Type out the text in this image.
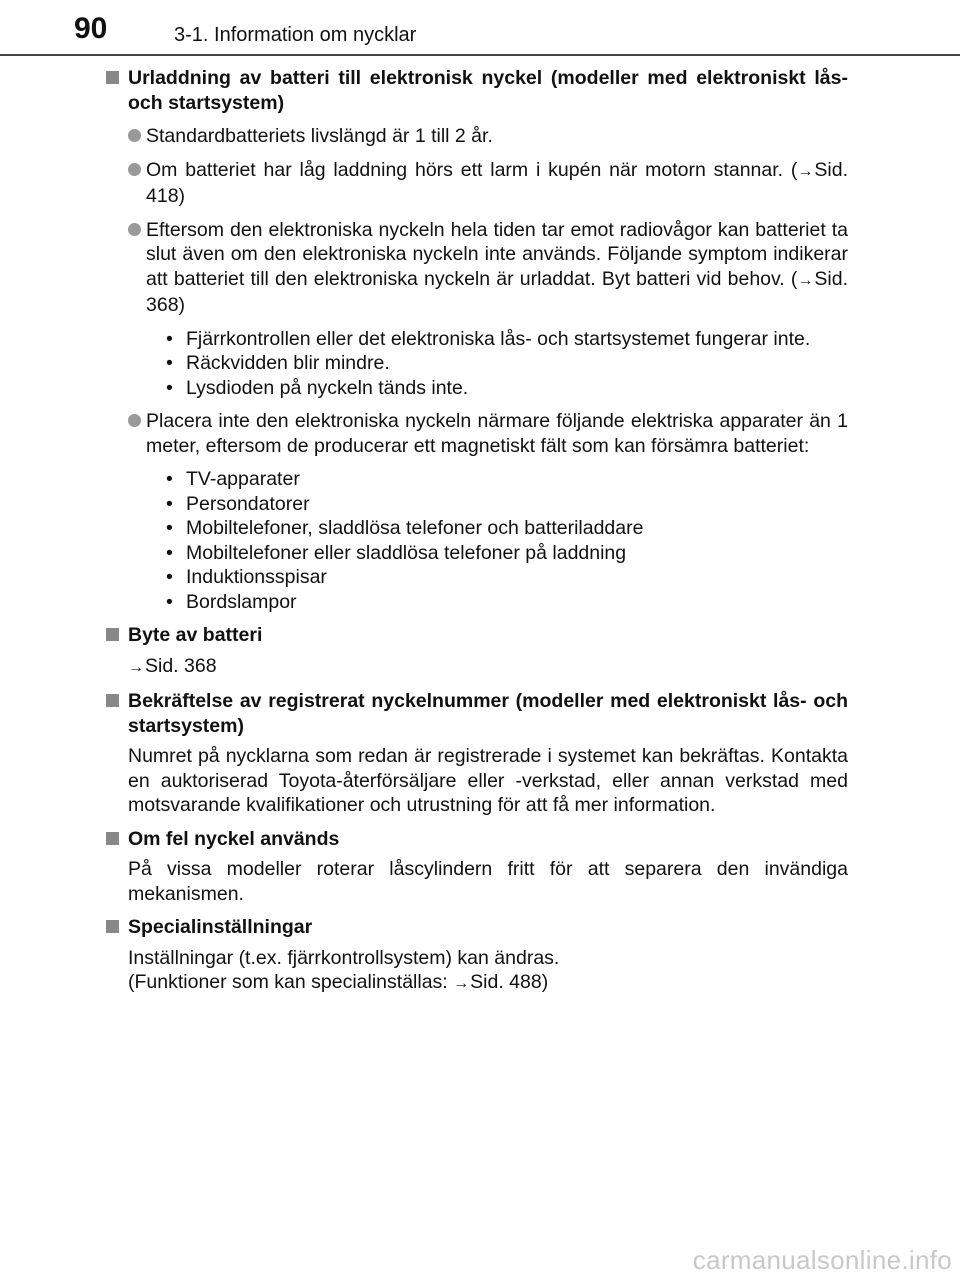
90	3-1. Information om nycklar
Urladdning av batteri till elektronisk nyckel (modeller med elektroniskt lås- och startsystem)
Standardbatteriets livslängd är 1 till 2 år.
Om batteriet har låg laddning hörs ett larm i kupén när motorn stannar. (→Sid. 418)
Eftersom den elektroniska nyckeln hela tiden tar emot radiovågor kan batteriet ta slut även om den elektroniska nyckeln inte används. Följande symptom indikerar att batteriet till den elektroniska nyckeln är urladdat. Byt batteri vid behov. (→Sid. 368)
• Fjärrkontrollen eller det elektroniska lås- och startsystemet fungerar inte.
• Räckvidden blir mindre.
• Lysdioden på nyckeln tänds inte.
Placera inte den elektroniska nyckeln närmare följande elektriska apparater än 1 meter, eftersom de producerar ett magnetiskt fält som kan försämra batteriet:
• TV-apparater
• Persondatorer
• Mobiltelefoner, sladdlösa telefoner och batteriladdare
• Mobiltelefoner eller sladdlösa telefoner på laddning
• Induktionsspisar
• Bordslampor
Byte av batteri
→Sid. 368
Bekräftelse av registrerat nyckelnummer (modeller med elektroniskt lås- och startsystem)
Numret på nycklarna som redan är registrerade i systemet kan bekräftas. Kontakta en auktoriserad Toyota-återförsäljare eller -verkstad, eller annan verkstad med motsvarande kvalifikationer och utrustning för att få mer information.
Om fel nyckel används
På vissa modeller roterar låscylindern fritt för att separera den invändiga mekanismen.
Specialinställningar
Inställningar (t.ex. fjärrkontrollsystem) kan ändras.
(Funktioner som kan specialinställas: →Sid. 488)
carmanualsonline.info
